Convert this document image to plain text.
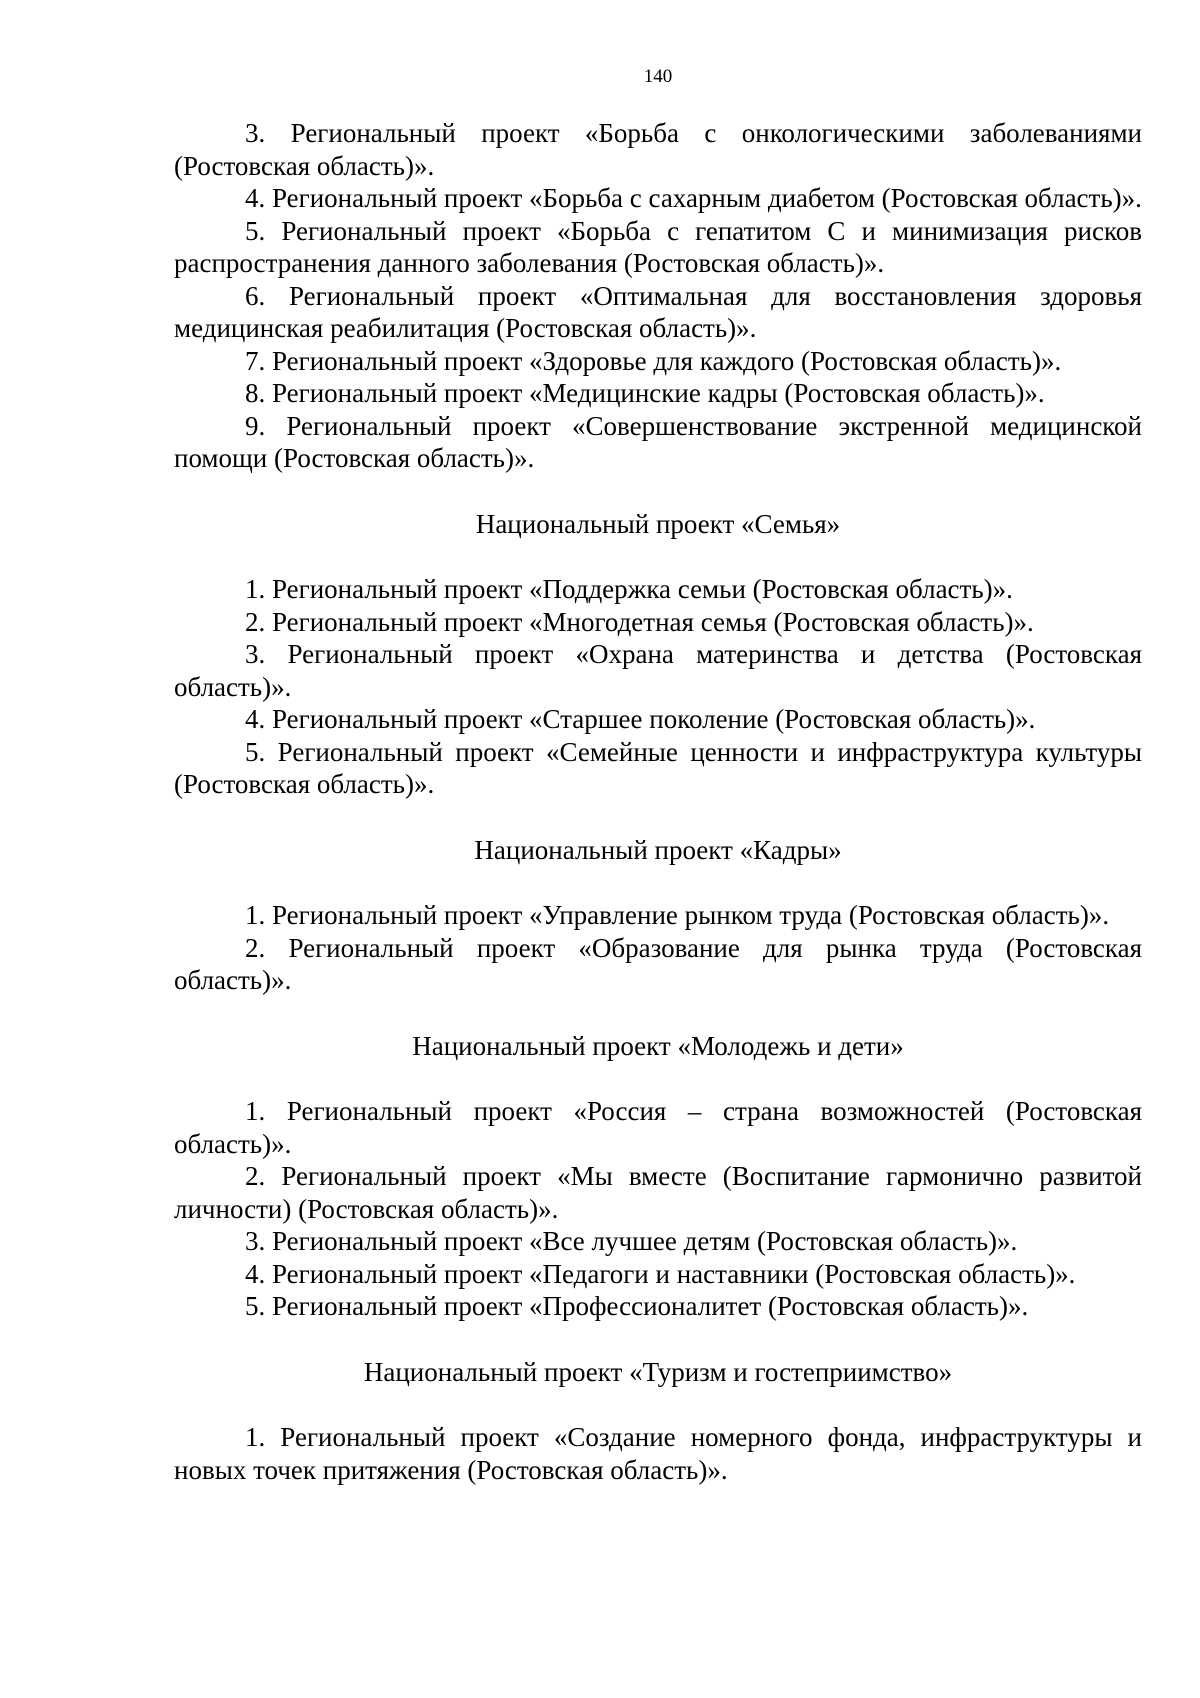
140

3. Региональный проект «Борьба с онкологическими заболеваниями (Ростовская область)».

4. Региональный проект «Борьба с сахарным диабетом (Ростовская область)».

5. Региональный проект «Борьба с гепатитом С и минимизация рисков распространения данного заболевания (Ростовская область)».

6. Региональный проект «Оптимальная для восстановления здоровья медицинская реабилитация (Ростовская область)».

7. Региональный проект «Здоровье для каждого (Ростовская область)».

8. Региональный проект «Медицинские кадры (Ростовская область)».

9. Региональный проект «Совершенствование экстренной медицинской помощи (Ростовская область)».

Национальный проект «Семья»

1. Региональный проект «Поддержка семьи (Ростовская область)».

2. Региональный проект «Многодетная семья (Ростовская область)».

3. Региональный проект «Охрана материнства и детства (Ростовская область)».

4. Региональный проект «Старшее поколение (Ростовская область)».

5. Региональный проект «Семейные ценности и инфраструктура культуры (Ростовская область)».

Национальный проект «Кадры»

1. Региональный проект «Управление рынком труда (Ростовская область)».

2. Региональный проект «Образование для рынка труда (Ростовская область)».

Национальный проект «Молодежь и дети»

1. Региональный проект «Россия – страна возможностей (Ростовская область)».

2. Региональный проект «Мы вместе (Воспитание гармонично развитой личности) (Ростовская область)».

3. Региональный проект «Все лучшее детям (Ростовская область)».

4. Региональный проект «Педагоги и наставники (Ростовская область)».

5. Региональный проект «Профессионалитет (Ростовская область)».

Национальный проект «Туризм и гостеприимство»

1. Региональный проект «Создание номерного фонда, инфраструктуры и новых точек притяжения (Ростовская область)».
